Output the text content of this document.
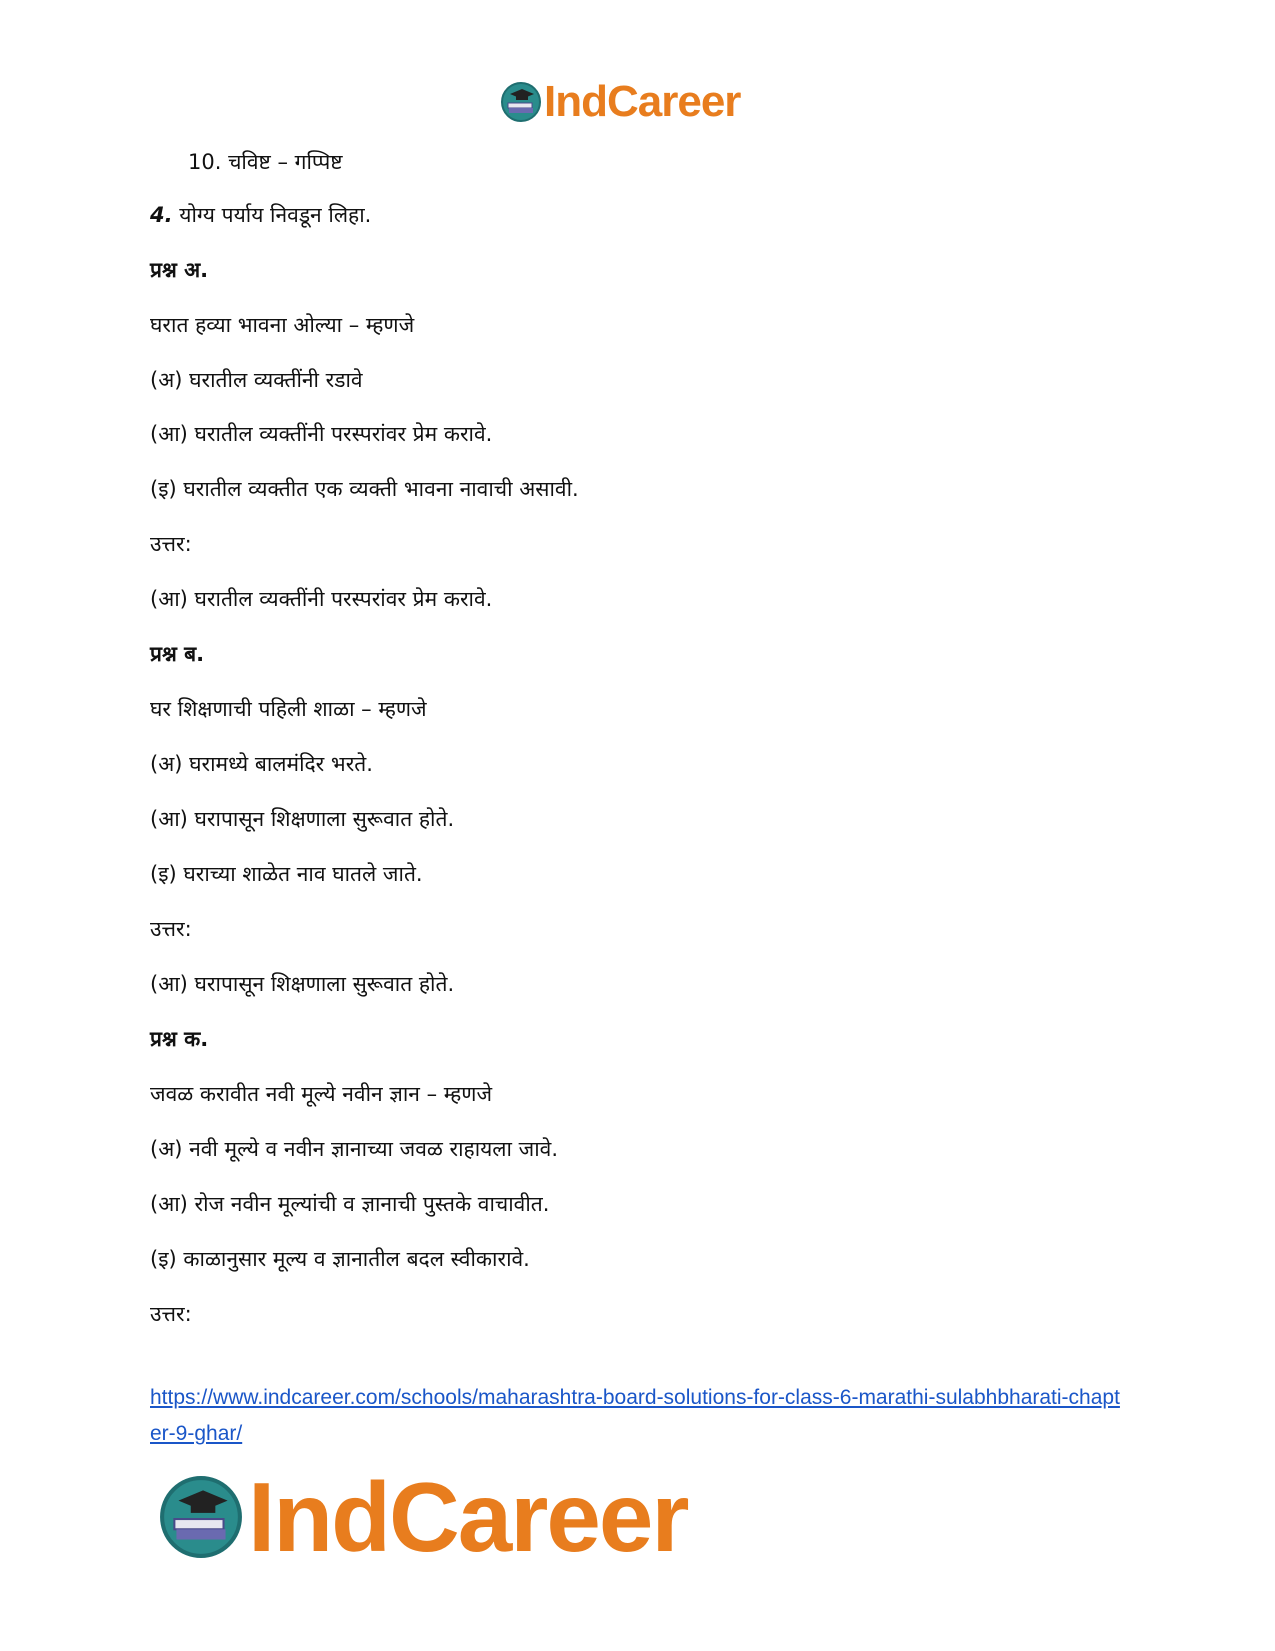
IndCareer
10. चविष्ट – गप्पिष्ट
4. योग्य पर्याय निवडून लिहा.
प्रश्न अ.
घरात हव्या भावना ओल्या – म्हणजे
(अ) घरातील व्यक्तींनी रडावे
(आ) घरातील व्यक्तींनी परस्परांवर प्रेम करावे.
(इ) घरातील व्यक्तीत एक व्यक्ती भावना नावाची असावी.
उत्तर:
(आ) घरातील व्यक्तींनी परस्परांवर प्रेम करावे.
प्रश्न ब.
घर शिक्षणाची पहिली शाळा – म्हणजे
(अ) घरामध्ये बालमंदिर भरते.
(आ) घरापासून शिक्षणाला सुरूवात होते.
(इ) घराच्या शाळेत नाव घातले जाते.
उत्तर:
(आ) घरापासून शिक्षणाला सुरूवात होते.
प्रश्न क.
जवळ करावीत नवी मूल्ये नवीन ज्ञान – म्हणजे
(अ) नवी मूल्ये व नवीन ज्ञानाच्या जवळ राहायला जावे.
(आ) रोज नवीन मूल्यांची व ज्ञानाची पुस्तके वाचावीत.
(इ) काळानुसार मूल्य व ज्ञानातील बदल स्वीकारावे.
उत्तर:
https://www.indcareer.com/schools/maharashtra-board-solutions-for-class-6-marathi-sulabhbharati-chapter-9-ghar/
IndCareer
